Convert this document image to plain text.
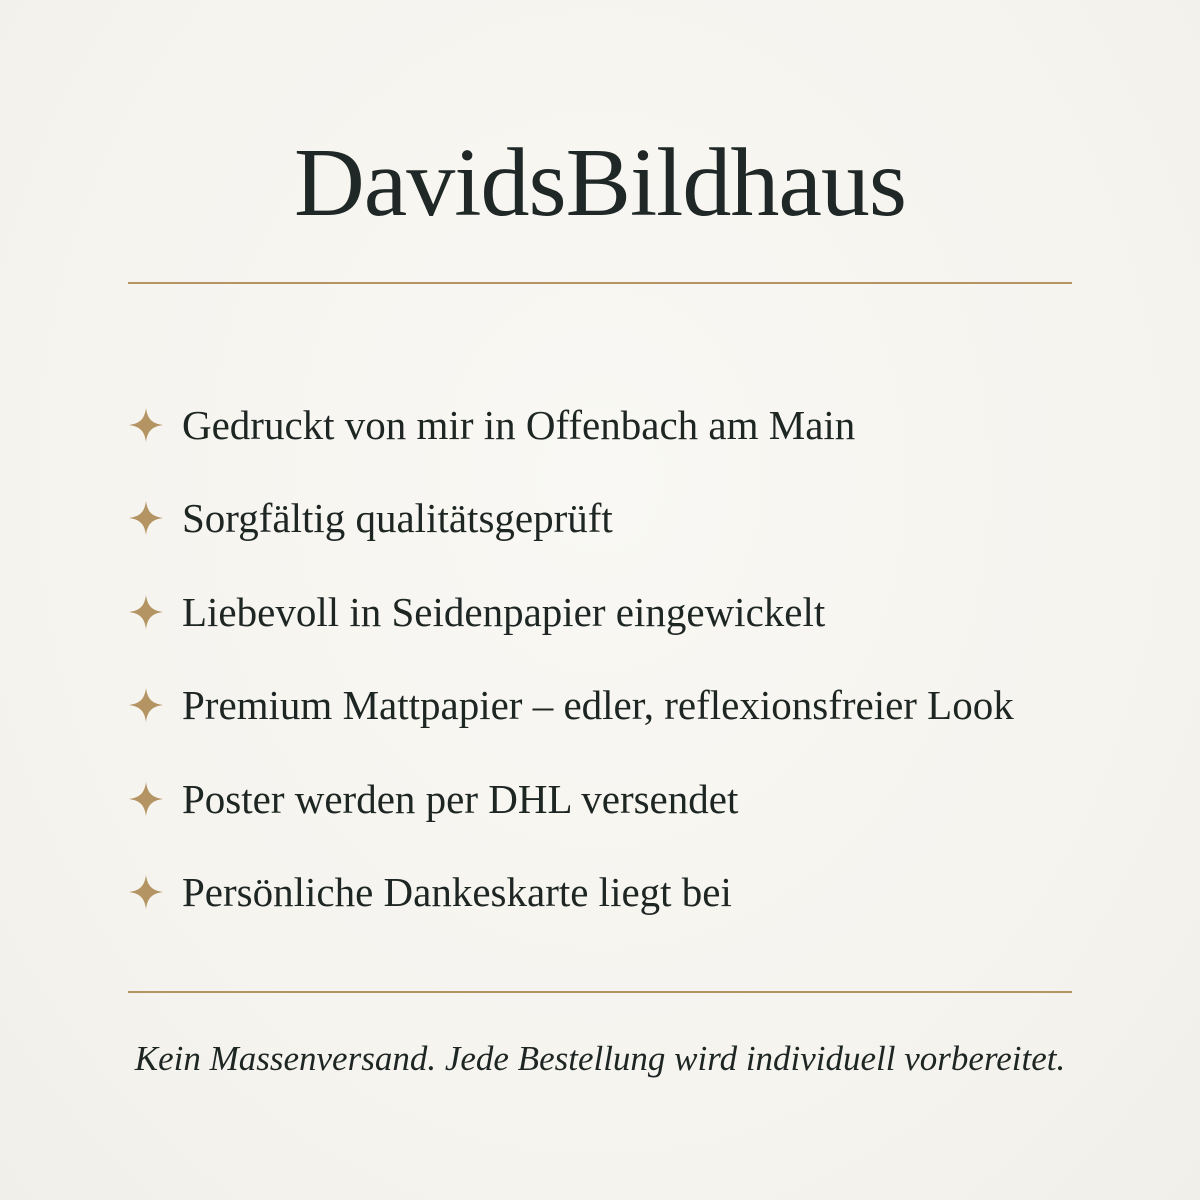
DavidsBildhaus
Gedruckt von mir in Offenbach am Main
Sorgfältig qualitätsgeprüft
Liebevoll in Seidenpapier eingewickelt
Premium Mattpapier – edler, reflexionsfreier Look
Poster werden per DHL versendet
Persönliche Dankeskarte liegt bei

Kein Massenversand. Jede Bestellung wird individuell vorbereitet.
